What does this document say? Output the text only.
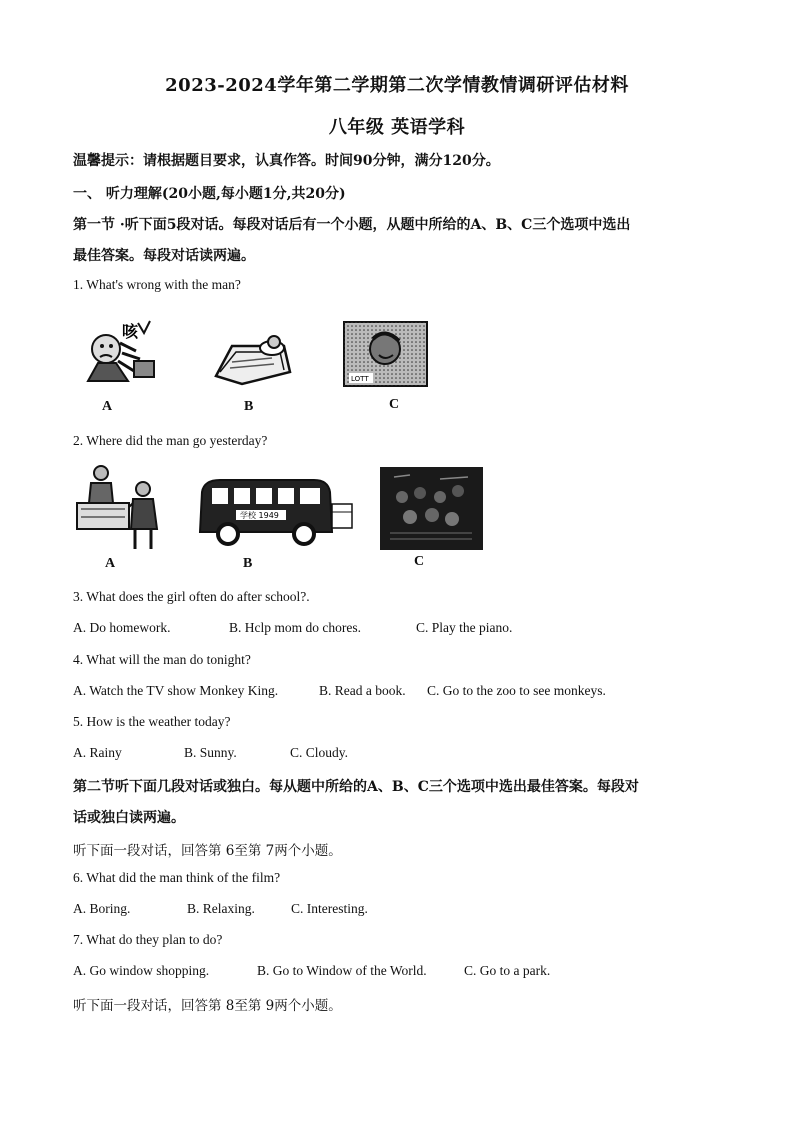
2023-2024学年第二学期第二次学情教情调研评估材料
八年级 英语学科
温馨提示：请根据题目要求，认真作答。时间90分钟，满分120分。
一、 听力理解(20小题,每小题1分,共20分)
第一节 ·听下面5段对话。每段对话后有一个小题，从题中所给的A、B、C三个选项中选出
最佳答案。每段对话读两遍。
1. What's wrong with the man?
咳
A	B
LOTT
C
2. Where did the man go yesterday?
A
学校 1949
B	C
3. What does the girl often do after school?.
A. Do homework.	B. Hclp mom do chores.	C. Play the piano.
4. What will the man do tonight?
A. Watch the TV show Monkey King.	B. Read a book. C. Go to the zoo to see monkeys.
5. How is the weather today?
A. Rainy	B. Sunny.	C. Cloudy.
第二节听下面几段对话或独白。每从题中所给的A、B、C三个选项中选出最佳答案。每段对
话或独白读两遍。
听下面一段对话，回答第 6至第 7两个小题。
6. What did the man think of the film?
A. Boring.	B. Relaxing.	C. Interesting.
7. What do they plan to do?
A. Go window shopping.	B. Go to Window of the World.	C. Go to a park.
听下面一段对话，回答第 8至第 9两个小题。
